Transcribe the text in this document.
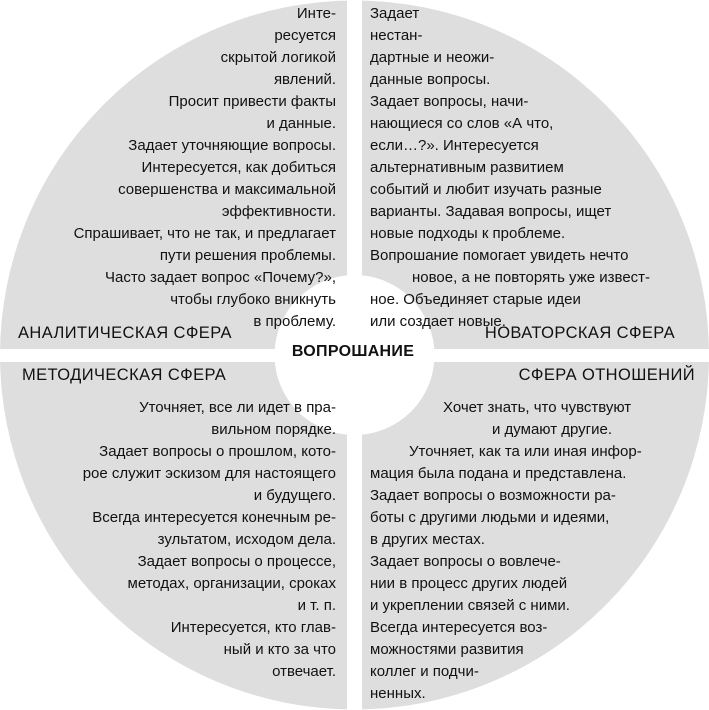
Инте-
ресуется
скрытой логикой
явлений.
Просит привести факты
и данные.
Задает уточняющие вопросы.
Интересуется, как добиться
совершенства и максимальной
эффективности.
Спрашивает, что не так, и предлагает
пути решения проблемы.
Часто задает вопрос «Почему?»,
чтобы глубоко вникнуть
в проблему.
Задает
нестан-
дартные и неожи-
данные вопросы.
Задает вопросы, начи-
нающиеся со слов «А что,
если…?». Интересуется
альтернативным развитием
событий и любит изучать разные
варианты. Задавая вопросы, ищет
новые подходы к проблеме.
Вопрошание помогает увидеть нечто
новое, а не повторять уже извест-
ное. Объединяет старые идеи
или создает новые.
Уточняет, все ли идет в пра-
вильном порядке.
Задает вопросы о прошлом, кото-
рое служит эскизом для настоящего
и будущего.
Всегда интересуется конечным ре-
зультатом, исходом дела.
Задает вопросы о процессе,
методах, организации, сроках
и т. п.
Интересуется, кто глав-
ный и кто за что
отвечает.
Хочет знать, что чувствуют
и думают другие.
Уточняет, как та или иная инфор-
мация была подана и представлена.
Задает вопросы о возможности ра-
боты с другими людьми и идеями,
в других местах.
Задает вопросы о вовлече-
нии в процесс других людей
и укреплении связей с ними.
Всегда интересуется воз-
можностями развития
коллег и подчи-
ненных.
АНАЛИТИЧЕСКАЯ СФЕРА	НОВАТОРСКАЯ СФЕРА
МЕТОДИЧЕСКАЯ СФЕРА	СФЕРА ОТНОШЕНИЙ
ВОПРОШАНИЕ
